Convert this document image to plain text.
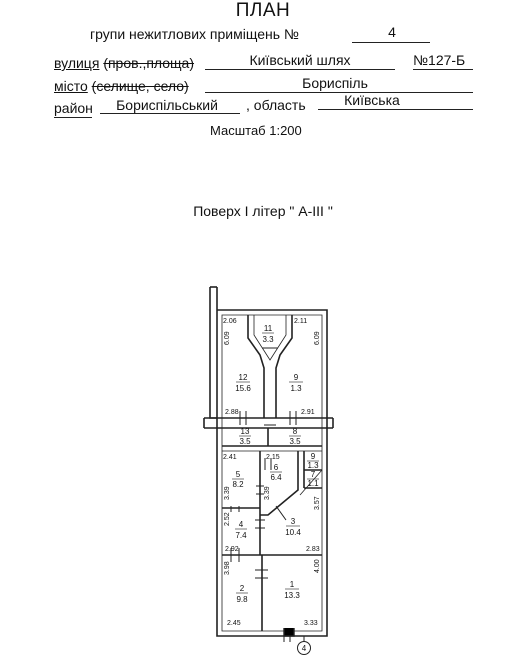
ПЛАН
групи нежитлових приміщень №	4
вулиця (пров.,площа)	Київський шлях	№127-Б
місто (селище, село)	Бориспіль
район	Бориспільський	, область	Київська
Масштаб 1:200
Поверх I літер " А-ІІІ "
4
12
15.6
9
1.3
11
3.3
13
3.5
8
3.5
5
8.2
6
6.4
9
1.3
7
1.1
4
7.4
3
10.4
2
9.8
1
13.3
2.06	2.11
6.09	6.09
2.88	2.91
2.41	2.15
3.39	3.39
3.57
2.52
2.92	2.83
3.98	4.00
2.45	3.33
